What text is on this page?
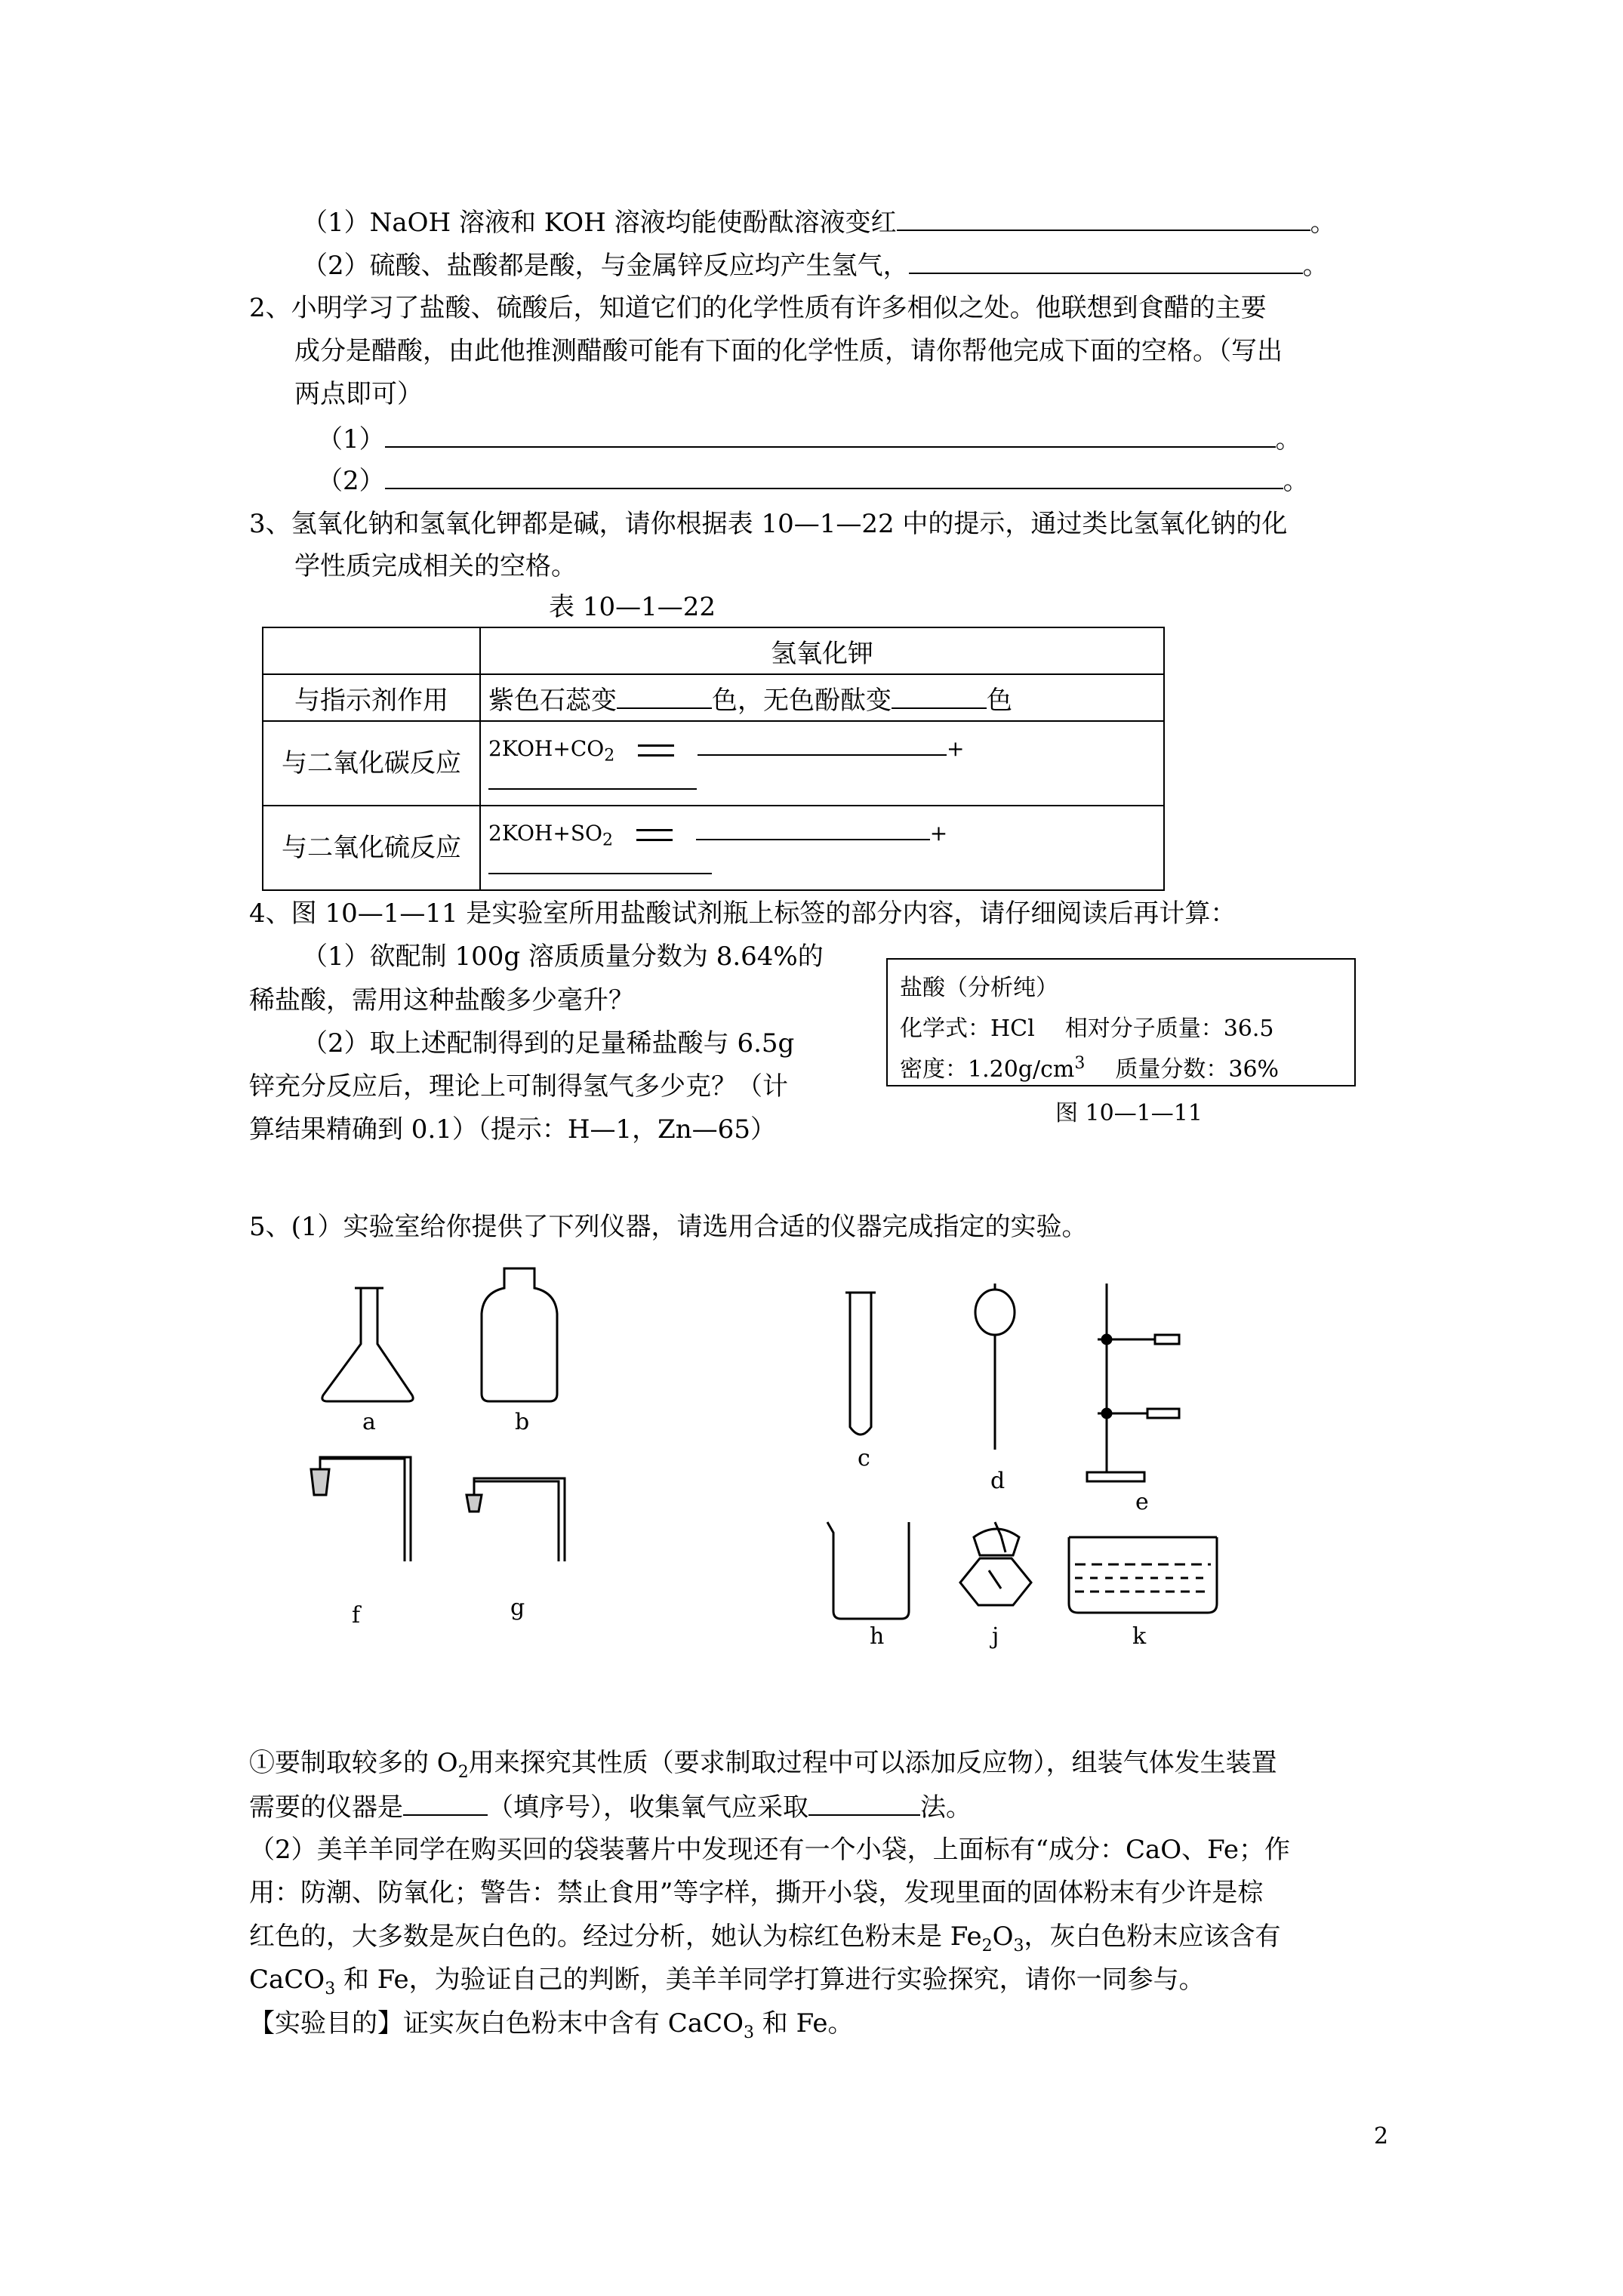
（1）NaOH 溶液和 KOH 溶液均能使酚酞溶液变红	。
（2）硫酸、盐酸都是酸，与金属锌反应均产生氢气，	。
2、小明学习了盐酸、硫酸后，知道它们的化学性质有许多相似之处。他联想到食醋的主要
成分是醋酸，由此他推测醋酸可能有下面的化学性质，请你帮他完成下面的空格。（写出
两点即可）
（1）	。
（2）	。
3、氢氧化钠和氢氧化钾都是碱，请你根据表 10—1—22 中的提示，通过类比氢氧化钠的化
学性质完成相关的空格。
表 10—1—22
	氢氧化钾
与指示剂作用	紫色石蕊变 色，无色酚酞变 色
与二氧化碳反应	$2KOH+CO_2$ +
与二氧化硫反应	$2KOH+SO_2$ +
4、图 10—1—11 是实验室所用盐酸试剂瓶上标签的部分内容，请仔细阅读后再计算：
（1）欲配制 100g 溶质质量分数为 8.64%的
稀盐酸，需用这种盐酸多少毫升？
（2）取上述配制得到的足量稀盐酸与 6.5g
锌充分反应后，理论上可制得氢气多少克？（计
算结果精确到 0.1）（提示：H—1，Zn—65）
盐酸（分析纯）
化学式：HCl 相对分子质量：36.5
密度：$1.20g/cm^3$ 质量分数：36%
图 10—1—11
5、(1）实验室给你提供了下列仪器，请选用合适的仪器完成指定的实验。
a	b
c
d
e
f	g
h	j	k
①要制取较多的 $O_2$用来探究其性质（要求制取过程中可以添加反应物），组装气体发生装置
需要的仪器是	（填序号），收集氧气应采取	法。
（2）美羊羊同学在购买回的袋装薯片中发现还有一个小袋，上面标有“成分：CaO、Fe；作
用：防潮、防氧化；警告：禁止食用”等字样，撕开小袋，发现里面的固体粉末有少许是棕
红色的，大多数是灰白色的。经过分析，她认为棕红色粉末是 $Fe_2O_3$，灰白色粉末应该含有
CaCO$_3$ 和 Fe，为验证自己的判断，美羊羊同学打算进行实验探究，请你一同参与。
【实验目的】证实灰白色粉末中含有 CaCO$_3$ 和 Fe。
2
